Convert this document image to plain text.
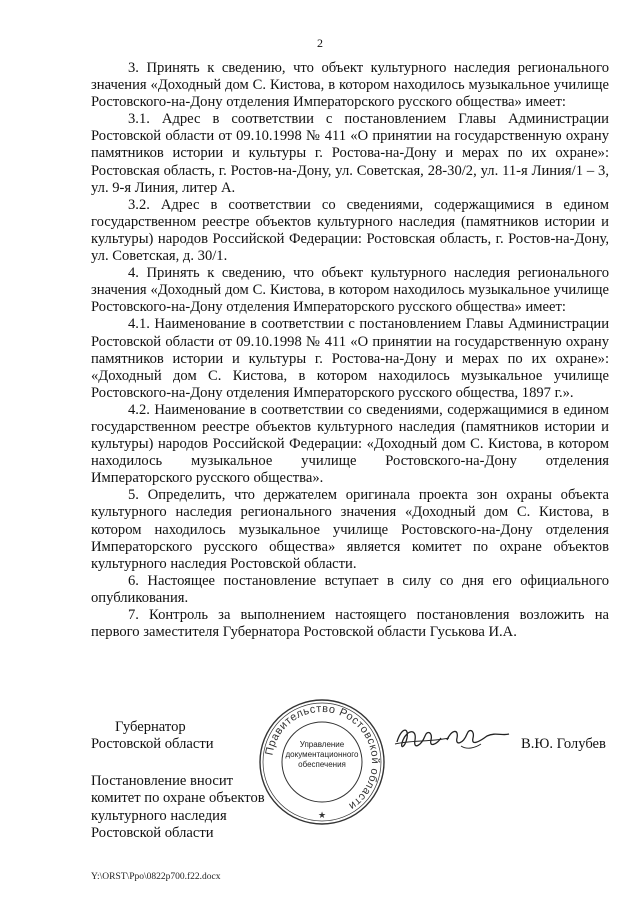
2

3. Принять к сведению, что объект культурного наследия регионального значения «Доходный дом С. Кистова, в котором находилось музыкальное училище Ростовского-на-Дону отделения Императорского русского общества» имеет:

3.1. Адрес в соответствии с постановлением Главы Администрации Ростовской области от 09.10.1998 № 411 «О принятии на государственную охрану памятников истории и культуры г. Ростова-на-Дону и мерах по их охране»: Ростовская область, г. Ростов-на-Дону, ул. Советская, 28-30/2, ул. 11-я Линия/1 – 3, ул. 9-я Линия, литер А.

3.2. Адрес в соответствии со сведениями, содержащимися в едином государственном реестре объектов культурного наследия (памятников истории и культуры) народов Российской Федерации: Ростовская область, г. Ростов-на-Дону, ул. Советская, д. 30/1.

4. Принять к сведению, что объект культурного наследия регионального значения «Доходный дом С. Кистова, в котором находилось музыкальное училище Ростовского-на-Дону отделения Императорского русского общества» имеет:

4.1. Наименование в соответствии с постановлением Главы Администрации Ростовской области от 09.10.1998 № 411 «О принятии на государственную охрану памятников истории и культуры г. Ростова-на-Дону и мерах по их охране»: «Доходный дом С. Кистова, в котором находилось музыкальное училище Ростовского-на-Дону отделения Императорского русского общества, 1897 г.».

4.2. Наименование в соответствии со сведениями, содержащимися в едином государственном реестре объектов культурного наследия (памятников истории и культуры) народов Российской Федерации: «Доходный дом С. Кистова, в котором находилось музыкальное училище Ростовского-на-Дону отделения Императорского русского общества».

5. Определить, что держателем оригинала проекта зон охраны объекта культурного наследия регионального значения «Доходный дом С. Кистова, в котором находилось музыкальное училище Ростовского-на-Дону отделения Императорского русского общества» является комитет по охране объектов культурного наследия Ростовской области.

6. Настоящее постановление вступает в силу со дня его официального опубликования.

7. Контроль за выполнением настоящего постановления возложить на первого заместителя Губернатора Ростовской области Гуськова И.А.

Губернатор
Ростовской области	Правительство Ростовской области
★
Управление
документационного
обеспечения
В.Ю. Голубев
Постановление вносит
комитет по охране объектов
культурного наследия
Ростовской области
Y:\ORST\Ppo\0822p700.f22.docx
